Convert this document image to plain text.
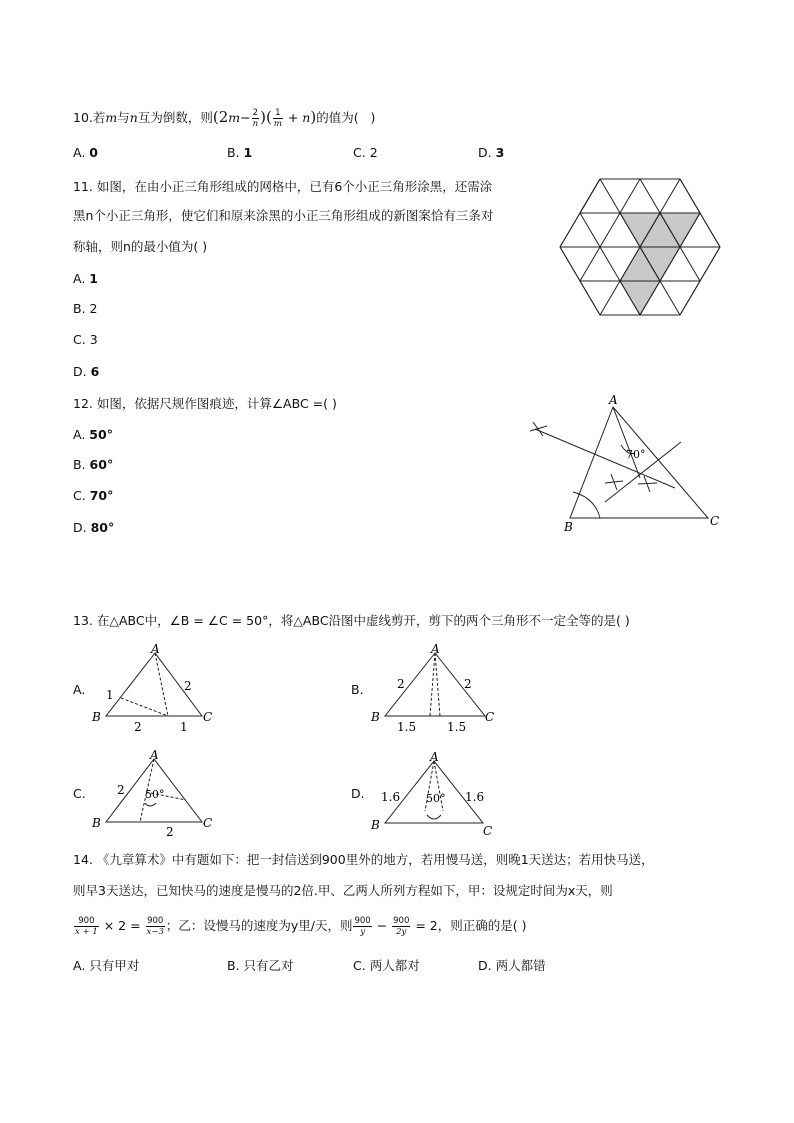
10.若m与n互为倒数，则($2m- \frac{2}{n}$ )( $\frac{1}{m} + n$)的值为( )
A. 0	B. 1	C. 2	D. 3
11. 如图，在由小正三角形组成的网格中，已有6个小正三角形涂黑，还需涂
黑n个小正三角形，使它们和原来涂黑的小正三角形组成的新图案恰有三条对
称轴，则n的最小值为( )
A. 1
B. 2
C. 3
D. 6
12. 如图，依据尺规作图痕迹，计算∠ABC =( )
A. 50°
B. 60°
C. 70°
D. 80°
A
B	C
70°
13. 在△ABC中，∠B = ∠C = 50°，将△ABC沿图中虚线剪开，剪下的两个三角形不一定全等的是( )
A.
A
B	C
1
2
2	1
B.
A
B	C
2	2
1.5	1.5
C.
A
B	C
2 50°
2
D.
A
B	C
1.6 50° 1.6
14. 《九章算术》中有题如下：把一封信送到900里外的地方，若用慢马送，则晚1天送达；若用快马送，
则早3天送达，已知快马的速度是慢马的2倍.甲、乙两人所列方程如下，甲：设规定时间为x天，则
$\frac{900}{x + 1} \times 2 = \frac{900}{x-3}$ ；乙：设慢马的速度为y里/天，则 $\frac{900}{y} - \frac{900}{2y} = 2$，则正确的是( )
A. 只有甲对	B. 只有乙对	C. 两人都对	D. 两人都错
